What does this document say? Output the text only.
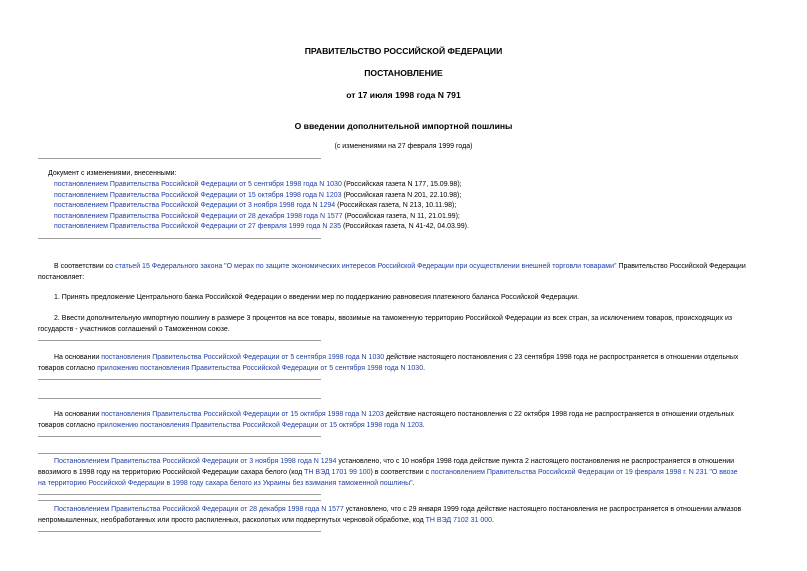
ПРАВИТЕЛЬСТВО РОССИЙСКОЙ ФЕДЕРАЦИИ
ПОСТАНОВЛЕНИЕ
от 17 июля 1998 года N 791
О введении дополнительной импортной пошлины
(с изменениями на 27 февраля 1999 года)
Документ с изменениями, внесенными:
постановлением Правительства Российской Федерации от 5 сентября 1998 года N 1030 (Российская газета N 177, 15.09.98);
постановлением Правительства Российской Федерации от 15 октября 1998 года N 1203 (Российская газета N 201, 22.10.98);
постановлением Правительства Российской Федерации от 3 ноября 1998 года N 1294 (Российская газета, N 213, 10.11.98);
постановлением Правительства Российской Федерации от 28 декабря 1998 года N 1577 (Российская газета, N 11, 21.01.99);
постановлением Правительства Российской Федерации от 27 февраля 1999 года N 235 (Российская газета, N 41-42, 04.03.99).
В соответствии со статьей 15 Федерального закона "О мерах по защите экономических интересов Российской Федерации при осуществлении внешней торговли товарами" Правительство Российской Федерации
постановляет:
1. Принять предложение Центрального банка Российской Федерации о введении мер по поддержанию равновесия платежного баланса Российской Федерации.
2. Ввести дополнительную импортную пошлину в размере 3 процентов на все товары, ввозимые на таможенную территорию Российской Федерации из всех стран, за исключением товаров, происходящих из
государств - участников соглашений о Таможенном союзе.
На основании постановления Правительства Российской Федерации от 5 сентября 1998 года N 1030 действие настоящего постановления с 23 сентября 1998 года не распространяется в отношении отдельных
товаров согласно приложению постановления Правительства Российской Федерации от 5 сентября 1998 года N 1030.
На основании постановления Правительства Российской Федерации от 15 октября 1998 года N 1203 действие настоящего постановления с 22 октября 1998 года не распространяется в отношении отдельных
товаров согласно приложению постановления Правительства Российской Федерации от 15 октября 1998 года N 1203.
Постановлением Правительства Российской Федерации от 3 ноября 1998 года N 1294 установлено, что с 10 ноября 1998 года действие пункта 2 настоящего постановления не распространяется в отношении
ввозимого в 1998 году на территорию Российской Федерации сахара белого (код ТН ВЭД 1701 99 100) в соответствии с постановлением Правительства Российской Федерации от 19 февраля 1998 г. N 231 "О ввозе
на территорию Российской Федерации в 1998 году сахара белого из Украины без взимания таможенной пошлины".
Постановлением Правительства Российской Федерации от 28 декабря 1998 года N 1577 установлено, что с 29 января 1999 года действие настоящего постановления не распространяется в отношении алмазов
непромышленных, необработанных или просто распиленных, расколотых или подвергнутых черновой обработке, код ТН ВЭД 7102 31 000.
